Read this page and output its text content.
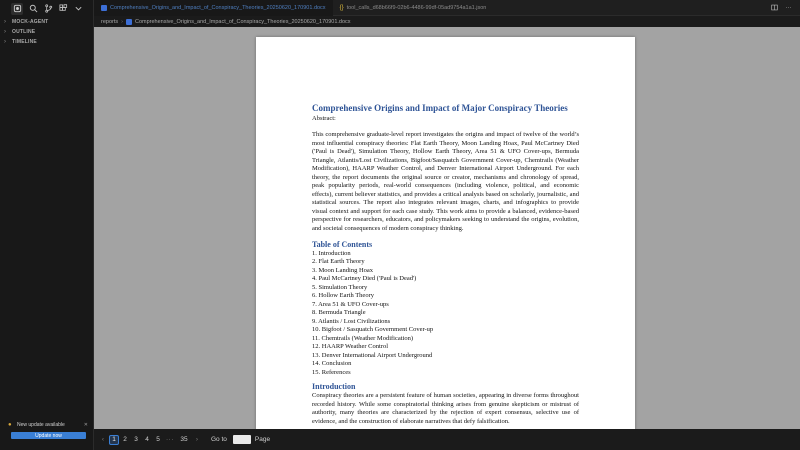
›	MOCK-AGENT
›	OUTLINE
›	TIMELINE
●	New update available	✕
Update now
Comprehensive_Origins_and_Impact_of_Conspiracy_Theories_20250620_170901.docx {} tool_calls_d68b66f9-02b6-4486-99df-05ad9754a1a1.json	···
reports › Comprehensive_Origins_and_Impact_of_Conspiracy_Theories_20250620_170901.docx
Comprehensive Origins and Impact of Major Conspiracy Theories
Abstract:

This comprehensive graduate-level report investigates the origins and impact of twelve of the world’s most influential conspiracy theories: Flat Earth Theory, Moon Landing Hoax, Paul McCartney Died ('Paul is Dead'), Simulation Theory, Hollow Earth Theory, Area 51 & UFO Cover-ups, Bermuda Triangle, Atlantis/Lost Civilizations, Bigfoot/Sasquatch Government Cover-up, Chemtrails (Weather Modification), HAARP Weather Control, and Denver International Airport Underground. For each theory, the report documents the original source or creator, mechanisms and chronology of spread, peak popularity periods, real-world consequences (including violence, political, and economic effects), current believer statistics, and provides a critical analysis based on scholarly, journalistic, and statistical sources. The report also integrates relevant images, charts, and infographics to provide visual context and support for each case study. This work aims to provide a balanced, evidence-based perspective for researchers, educators, and policymakers seeking to understand the origins, evolution, and societal consequences of modern conspiracy thinking.

Table of Contents
1. Introduction
2. Flat Earth Theory
3. Moon Landing Hoax
4. Paul McCartney Died ('Paul is Dead')
5. Simulation Theory
6. Hollow Earth Theory
7. Area 51 & UFO Cover-ups
8. Bermuda Triangle
9. Atlantis / Lost Civilizations
10. Bigfoot / Sasquatch Government Cover-up
11. Chemtrails (Weather Modification)
12. HAARP Weather Control
13. Denver International Airport Underground
14. Conclusion
15. References
Introduction

Conspiracy theories are a persistent feature of human societies, appearing in diverse forms throughout recorded history. While some conspiratorial thinking arises from genuine skepticism or mistrust of authority, many theories are characterized by the rejection of expert consensus, selective use of evidence, and the construction of elaborate narratives that defy falsification.

‹	1	2	3	4	5 ··· 35	›	Go to	Page
